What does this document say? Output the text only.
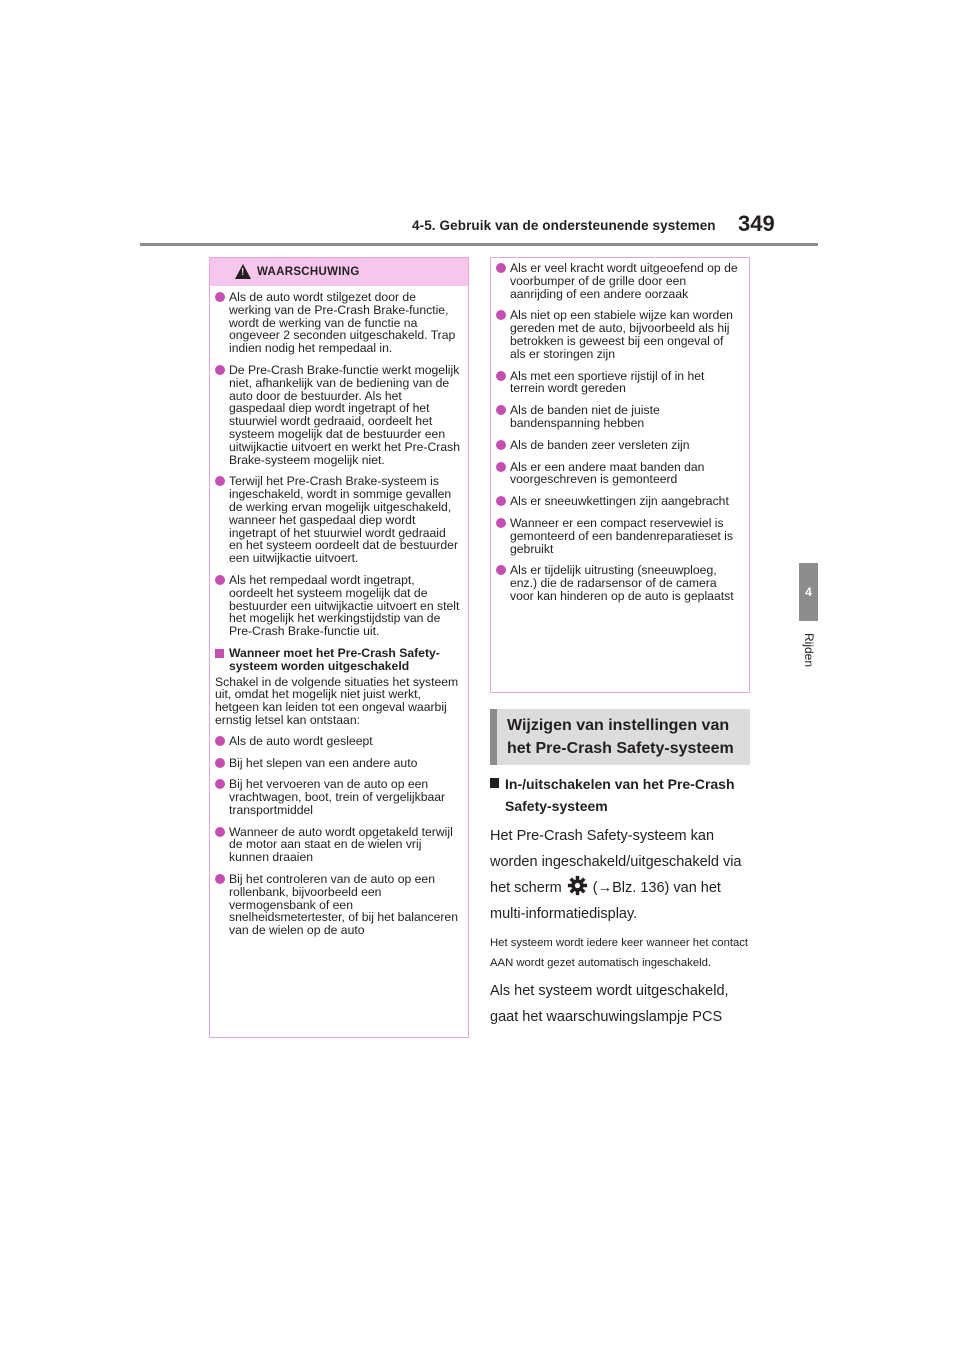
4-5. Gebruik van de ondersteunende systemen 349
4
Rijden
!
WAARSCHUWING
Als de auto wordt stilgezet door de werking van de Pre-Crash Brake-functie, wordt de werking van de functie na ongeveer 2 seconden uitgeschakeld. Trap indien nodig het rempedaal in.
De Pre-Crash Brake-functie werkt mogelijk niet, afhankelijk van de bediening van de auto door de bestuurder. Als het gaspedaal diep wordt ingetrapt of het stuurwiel wordt gedraaid, oordeelt het systeem mogelijk dat de bestuurder een uitwijkactie uitvoert en werkt het Pre-Crash Brake-systeem mogelijk niet.
Terwijl het Pre-Crash Brake-systeem is ingeschakeld, wordt in sommige gevallen de werking ervan mogelijk uitgeschakeld, wanneer het gaspedaal diep wordt ingetrapt of het stuurwiel wordt gedraaid en het systeem oordeelt dat de bestuurder een uitwijkactie uitvoert.
Als het rempedaal wordt ingetrapt, oordeelt het systeem mogelijk dat de bestuurder een uitwijkactie uitvoert en stelt het mogelijk het werkingstijdstip van de Pre-Crash Brake-functie uit.
Wanneer moet het Pre-Crash Safety-systeem worden uitgeschakeld
Schakel in de volgende situaties het systeem uit, omdat het mogelijk niet juist werkt, hetgeen kan leiden tot een ongeval waarbij ernstig letsel kan ontstaan:
Als de auto wordt gesleept
Bij het slepen van een andere auto
Bij het vervoeren van de auto op een vrachtwagen, boot, trein of vergelijkbaar transportmiddel
Wanneer de auto wordt opgetakeld terwijl de motor aan staat en de wielen vrij kunnen draaien
Bij het controleren van de auto op een rollenbank, bijvoorbeeld een vermogensbank of een snelheidsmetertester, of bij het balanceren van de wielen op de auto
Als er veel kracht wordt uitgeoefend op de voorbumper of de grille door een aanrijding of een andere oorzaak
Als niet op een stabiele wijze kan worden gereden met de auto, bijvoorbeeld als hij betrokken is geweest bij een ongeval of als er storingen zijn
Als met een sportieve rijstijl of in het terrein wordt gereden
Als de banden niet de juiste bandenspanning hebben
Als de banden zeer versleten zijn
Als er een andere maat banden dan voorgeschreven is gemonteerd
Als er sneeuwkettingen zijn aangebracht
Wanneer er een compact reservewiel is gemonteerd of een bandenreparatieset is gebruikt
Als er tijdelijk uitrusting (sneeuwploeg, enz.) die de radarsensor of de camera voor kan hinderen op de auto is geplaatst
Wijzigen van instellingen van het Pre-Crash Safety-systeem
In-/uitschakelen van het Pre-Crash Safety-systeem
Het Pre-Crash Safety-systeem kan worden ingeschakeld/uitgeschakeld via het scherm (→Blz. 136) van het multi-informatiedisplay.
Het systeem wordt iedere keer wanneer het contact AAN wordt gezet automatisch ingeschakeld.
Als het systeem wordt uitgeschakeld, gaat het waarschuwingslampje PCS
